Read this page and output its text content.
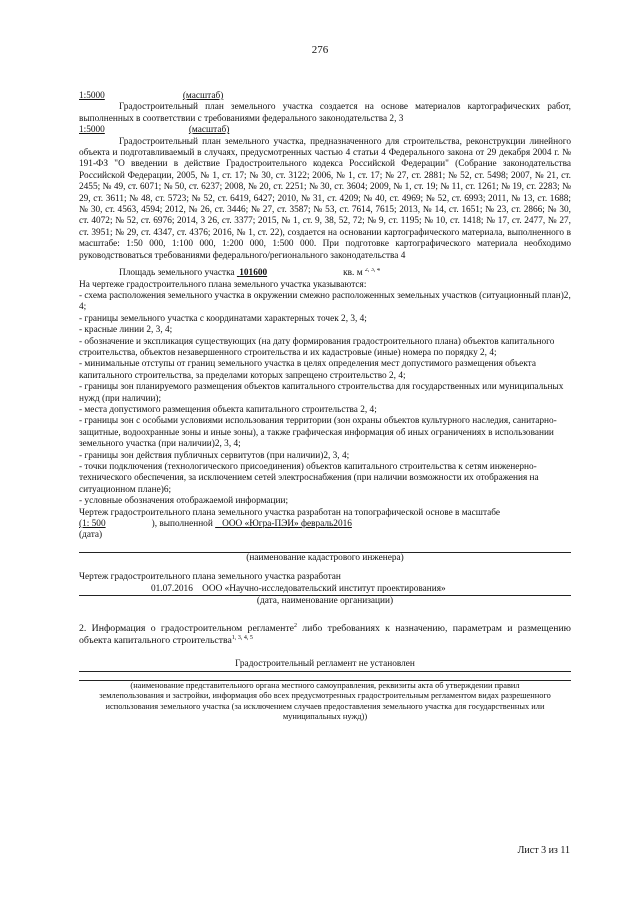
276
1:5000	(масштаб)
Градостроительный план земельного участка создается на основе материалов картографических работ, выполненных в соответствии с требованиями федерального законодательства 2, 3
1:5000	(масштаб)
Градостроительный план земельного участка, предназначенного для строительства, реконструкции линейного объекта и подготавливаемый в случаях, предусмотренных частью 4 статьи 4 Федерального закона от 29 декабря 2004 г. № 191-ФЗ "О введении в действие Градостроительного кодекса Российской Федерации" (Собрание законодательства Российской Федерации, 2005, № 1, ст. 17; № 30, ст. 3122; 2006, № 1, ст. 17; № 27, ст. 2881; № 52, ст. 5498; 2007, № 21, ст. 2455; № 49, ст. 6071; № 50, ст. 6237; 2008, № 20, ст. 2251; № 30, ст. 3604; 2009, № 1, ст. 19; № 11, ст. 1261; № 19, ст. 2283; № 29, ст. 3611; № 48, ст. 5723; № 52, ст. 6419, 6427; 2010, № 31, ст. 4209; № 40, ст. 4969; № 52, ст. 6993; 2011, № 13, ст. 1688; № 30, ст. 4563, 4594; 2012, № 26, ст. 3446; № 27, ст. 3587; № 53, ст. 7614, 7615; 2013, № 14, ст. 1651; № 23, ст. 2866; № 30, ст. 4072; № 52, ст. 6976; 2014, 3 26, ст. 3377; 2015, № 1, ст. 9, 38, 52, 72; № 9, ст. 1195; № 10, ст. 1418; № 17, ст. 2477, № 27, ст. 3951; № 29, ст. 4347, ст. 4376; 2016, № 1, ст. 22), создается на основании картографического материала, выполненного в масштабе: 1:50 000, 1:100 000, 1:200 000, 1:500 000. При подготовке картографического материала необходимо руководствоваться требованиями федерального/регионального законодательства 4
Площадь земельного участка 101600	кв. м $^{2, 3, 4}$
На чертеже градостроительного плана земельного участка указываются:
- схема расположения земельного участка в окружении смежно расположенных земельных участков (ситуационный план)2, 4;
- границы земельного участка с координатами характерных точек 2, 3, 4;
- красные линии 2, 3, 4;
- обозначение и экспликация существующих (на дату формирования градостроительного плана) объектов капитального строительства, объектов незавершенного строительства и их кадастровые (иные) номера по порядку 2, 4;
- минимальные отступы от границ земельного участка в целях определения мест допустимого размещения объекта капитального строительства, за пределами которых запрещено строительство 2, 4;
- границы зон планируемого размещения объектов капитального строительства для государственных или муниципальных нужд (при наличии);
- места допустимого размещения объекта капитального строительства 2, 4;
- границы зон с особыми условиями использования территории (зон охраны объектов культурного наследия, санитарно-защитные, водоохранные зоны и иные зоны), а также графическая информация об иных ограничениях в использовании земельного участка (при наличии)2, 3, 4;
- границы зон действия публичных сервитутов (при наличии)2, 3, 4;
- точки подключения (технологического присоединения) объектов капитального строительства к сетям инженерно-технического обеспечения, за исключением сетей электроснабжения (при наличии возможности их отображения на ситуационном плане)6;
- условные обозначения отображаемой информации;
Чертеж градостроительного плана земельного участка разработан на топографической основе в масштабе
(1: 500	), выполненной ООО «Югра-ПЭИ» февраль2016
(дата)
(наименование кадастрового инженера)
Чертеж градостроительного плана земельного участка разработан
01.07.2016 ООО «Научно-исследовательский институт проектирования»
(дата, наименование организации)
2. Информация о градостроительном регламенте$^2$ либо требованиях к назначению, параметрам и размещению объекта капитального строительства$^{1, 3, 4, 5}$
Градостроительный регламент не установлен
(наименование представительного органа местного самоуправления, реквизиты акта об утверждении правил землепользования и застройки, информация обо всех предусмотренных градостроительным регламентом видах разрешенного использования земельного участка (за исключением случаев предоставления земельного участка для государственных или муниципальных нужд))
Лист 3 из 11
